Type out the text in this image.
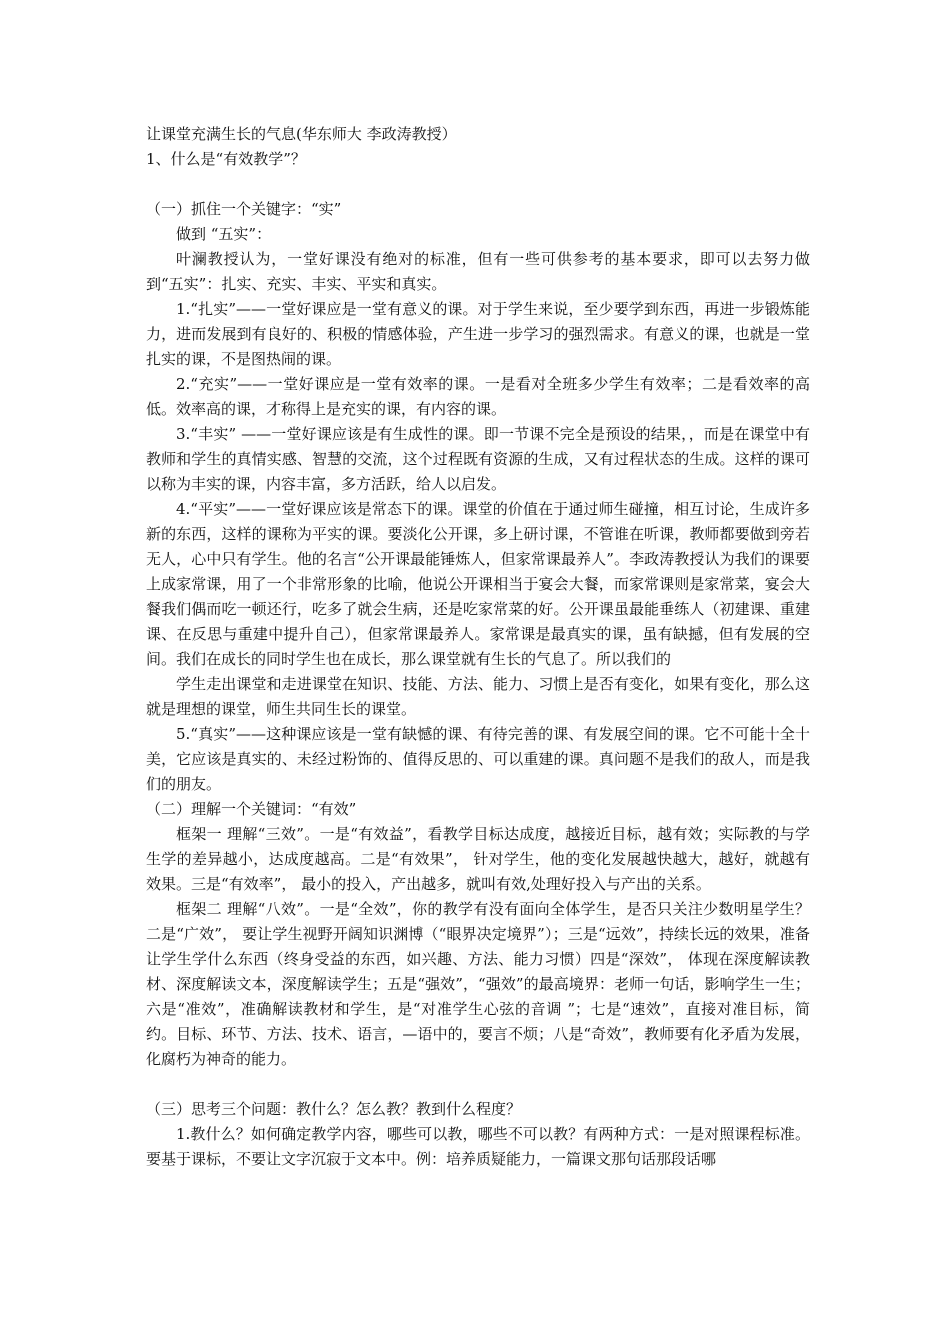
让课堂充满生长的气息(华东师大 李政涛教授）

1、什么是“有效教学”？

（一）抓住一个关键字：“实”

做到 “五实”：

叶澜教授认为，一堂好课没有绝对的标准，但有一些可供参考的基本要求，即可以去努力做到“五实”：扎实、充实、丰实、平实和真实。

1.“扎实”——一堂好课应是一堂有意义的课。对于学生来说，至少要学到东西，再进一步锻炼能力，进而发展到有良好的、积极的情感体验，产生进一步学习的强烈需求。有意义的课，也就是一堂扎实的课，不是图热闹的课。

2.“充实”——一堂好课应是一堂有效率的课。一是看对全班多少学生有效率；二是看效率的高低。效率高的课，才称得上是充实的课，有内容的课。

3.“丰实” ——一堂好课应该是有生成性的课。即一节课不完全是预设的结果，，而是在课堂中有教师和学生的真情实感、智慧的交流，这个过程既有资源的生成，又有过程状态的生成。这样的课可以称为丰实的课，内容丰富，多方活跃，给人以启发。

4.“平实”——一堂好课应该是常态下的课。课堂的价值在于通过师生碰撞，相互讨论，生成许多新的东西，这样的课称为平实的课。要淡化公开课，多上研讨课，不管谁在听课，教师都要做到旁若无人，心中只有学生。他的名言“公开课最能锤炼人，但家常课最养人”。李政涛教授认为我们的课要上成家常课，用了一个非常形象的比喻，他说公开课相当于宴会大餐，而家常课则是家常菜，宴会大餐我们偶而吃一顿还行，吃多了就会生病，还是吃家常菜的好。公开课虽最能垂练人（初建课、重建课、在反思与重建中提升自己），但家常课最养人。家常课是最真实的课，虽有缺撼，但有发展的空间。我们在成长的同时学生也在成长，那么课堂就有生长的气息了。所以我们的

学生走出课堂和走进课堂在知识、技能、方法、能力、习惯上是否有变化，如果有变化，那么这就是理想的课堂，师生共同生长的课堂。

5.“真实”——这种课应该是一堂有缺憾的课、有待完善的课、有发展空间的课。它不可能十全十美，它应该是真实的、未经过粉饰的、值得反思的、可以重建的课。真问题不是我们的敌人，而是我们的朋友。

（二）理解一个关键词：“有效”

框架一 理解“三效”。一是“有效益”，看教学目标达成度，越接近目标，越有效；实际教的与学生学的差异越小，达成度越高。二是“有效果”， 针对学生，他的变化发展越快越大，越好，就越有效果。三是“有效率”， 最小的投入，产出越多，就叫有效,处理好投入与产出的关系。

框架二 理解“八效”。一是“全效”，你的教学有没有面向全体学生，是否只关注少数明星学生？二是“广效”， 要让学生视野开阔知识渊博（“眼界决定境界”）；三是“远效”，持续长远的效果，准备让学生学什么东西（终身受益的东西，如兴趣、方法、能力习惯）四是“深效”， 体现在深度解读教材、深度解读文本，深度解读学生；五是“强效”，“强效”的最高境界：老师一句话，影响学生一生；六是“准效”，准确解读教材和学生，是“对准学生心弦的音调 ”；七是“速效”，直接对准目标，简约。目标、环节、方法、技术、语言，—语中的，要言不烦；八是“奇效”，教师要有化矛盾为发展，化腐朽为神奇的能力。

（三）思考三个问题：教什么？怎么教？教到什么程度？

1.教什么？如何确定教学内容，哪些可以教，哪些不可以教？有两种方式：一是对照课程标准。要基于课标，不要让文字沉寂于文本中。例：培养质疑能力，一篇课文那句话那段话哪
